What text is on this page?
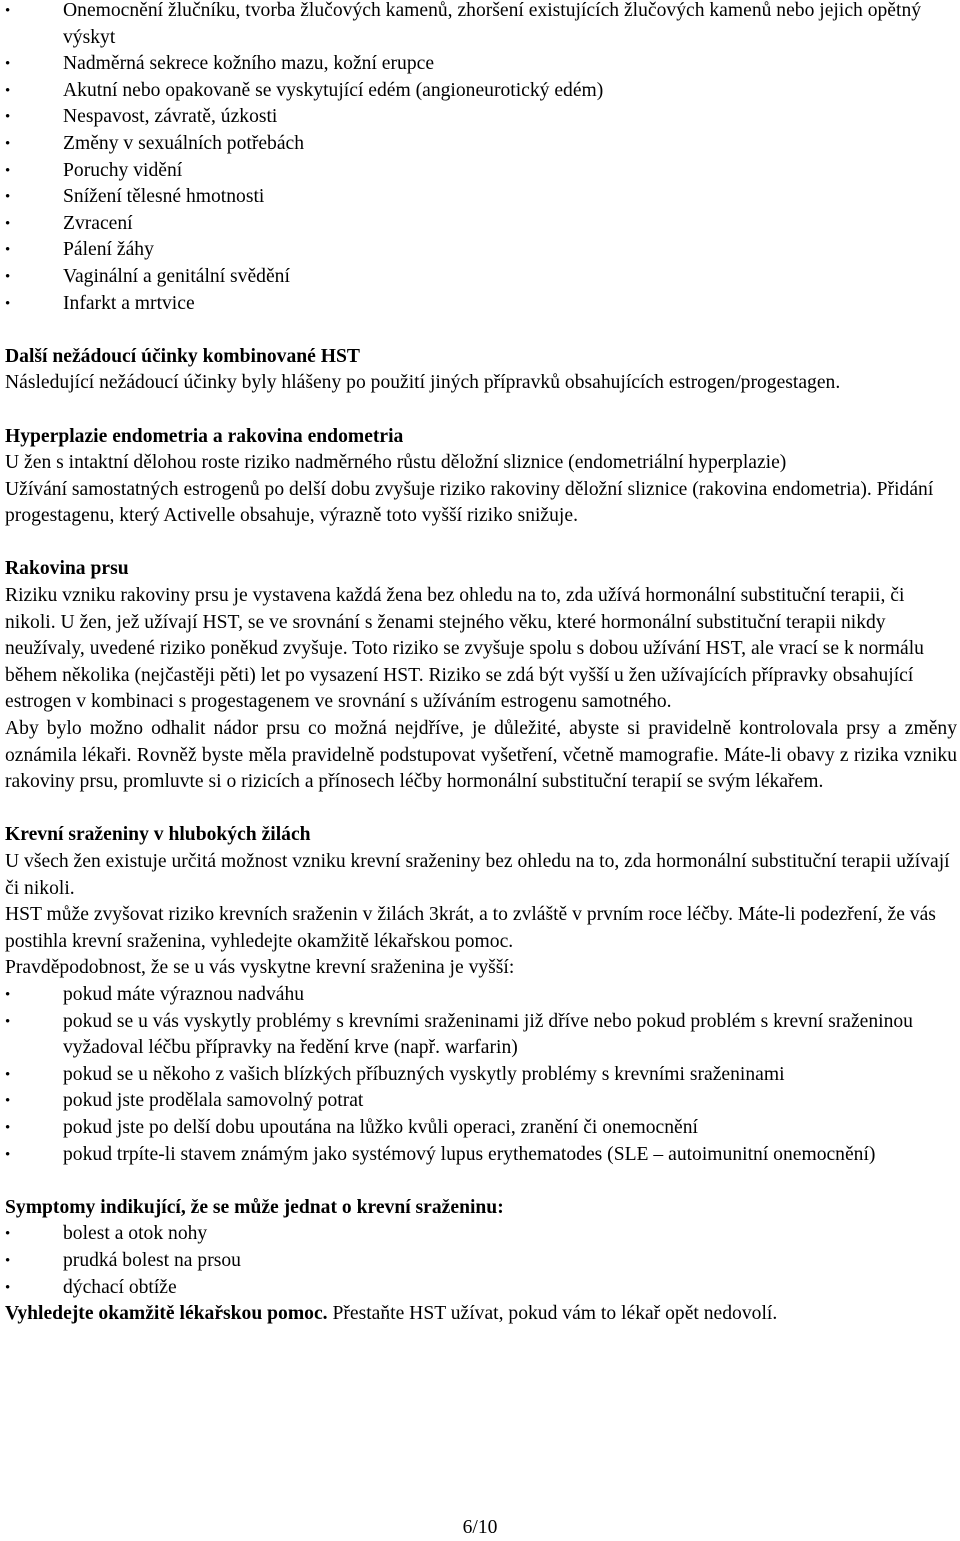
• Onemocnění žlučníku, tvorba žlučových kamenů, zhoršení existujících žlučových kamenů nebo jejich opětný výskyt
• Nadměrná sekrece kožního mazu, kožní erupce
• Akutní nebo opakovaně se vyskytující edém (angioneurotický edém)
• Nespavost, závratě, úzkosti
• Změny v sexuálních potřebách
• Poruchy vidění
• Snížení tělesné hmotnosti
• Zvracení
• Pálení žáhy
• Vaginální a genitální svědění
• Infarkt a mrtvice
Další nežádoucí účinky kombinované HST

Následující nežádoucí účinky byly hlášeny po použití jiných přípravků obsahujících estrogen/progestagen.

Hyperplazie endometria a rakovina endometria

U žen s intaktní dělohou roste riziko nadměrného růstu děložní sliznice (endometriální hyperplazie)

Užívání samostatných estrogenů po delší dobu zvyšuje riziko rakoviny děložní sliznice (rakovina endometria). Přidání progestagenu, který Activelle obsahuje, výrazně toto vyšší riziko snižuje.

Rakovina prsu

Riziku vzniku rakoviny prsu je vystavena každá žena bez ohledu na to, zda užívá hormonální substituční terapii, či nikoli. U žen, jež užívají HST, se ve srovnání s ženami stejného věku, které hormonální substituční terapii nikdy neužívaly, uvedené riziko poněkud zvyšuje. Toto riziko se zvyšuje spolu s dobou užívání HST, ale vrací se k normálu během několika (nejčastěji pěti) let po vysazení HST. Riziko se zdá být vyšší u žen užívajících přípravky obsahující estrogen v kombinaci s progestagenem ve srovnání s užíváním estrogenu samotného.

Aby bylo možno odhalit nádor prsu co možná nejdříve, je důležité, abyste si pravidelně kontrolovala prsy a změny oznámila lékaři. Rovněž byste měla pravidelně podstupovat vyšetření, včetně mamografie. Máte-li obavy z rizika vzniku rakoviny prsu, promluvte si o rizicích a přínosech léčby hormonální substituční terapií se svým lékařem.

Krevní sraženiny v hlubokých žilách

U všech žen existuje určitá možnost vzniku krevní sraženiny bez ohledu na to, zda hormonální substituční terapii užívají či nikoli.

HST může zvyšovat riziko krevních sraženin v žilách 3krát, a to zvláště v prvním roce léčby. Máte-li podezření, že vás postihla krevní sraženina, vyhledejte okamžitě lékařskou pomoc.

Pravděpodobnost, že se u vás vyskytne krevní sraženina je vyšší:

• pokud máte výraznou nadváhu
• pokud se u vás vyskytly problémy s krevními sraženinami již dříve nebo pokud problém s krevní sraženinou vyžadoval léčbu přípravky na ředění krve (např. warfarin)
• pokud se u někoho z vašich blízkých příbuzných vyskytly problémy s krevními sraženinami
• pokud jste prodělala samovolný potrat
• pokud jste po delší dobu upoutána na lůžko kvůli operaci, zranění či onemocnění
• pokud trpíte-li stavem známým jako systémový lupus erythematodes (SLE – autoimunitní onemocnění)
Symptomy indikující, že se může jednat o krevní sraženinu:
• bolest a otok nohy
• prudká bolest na prsou
• dýchací obtíže

Vyhledejte okamžitě lékařskou pomoc. Přestaňte HST užívat, pokud vám to lékař opět nedovolí.

6/10
